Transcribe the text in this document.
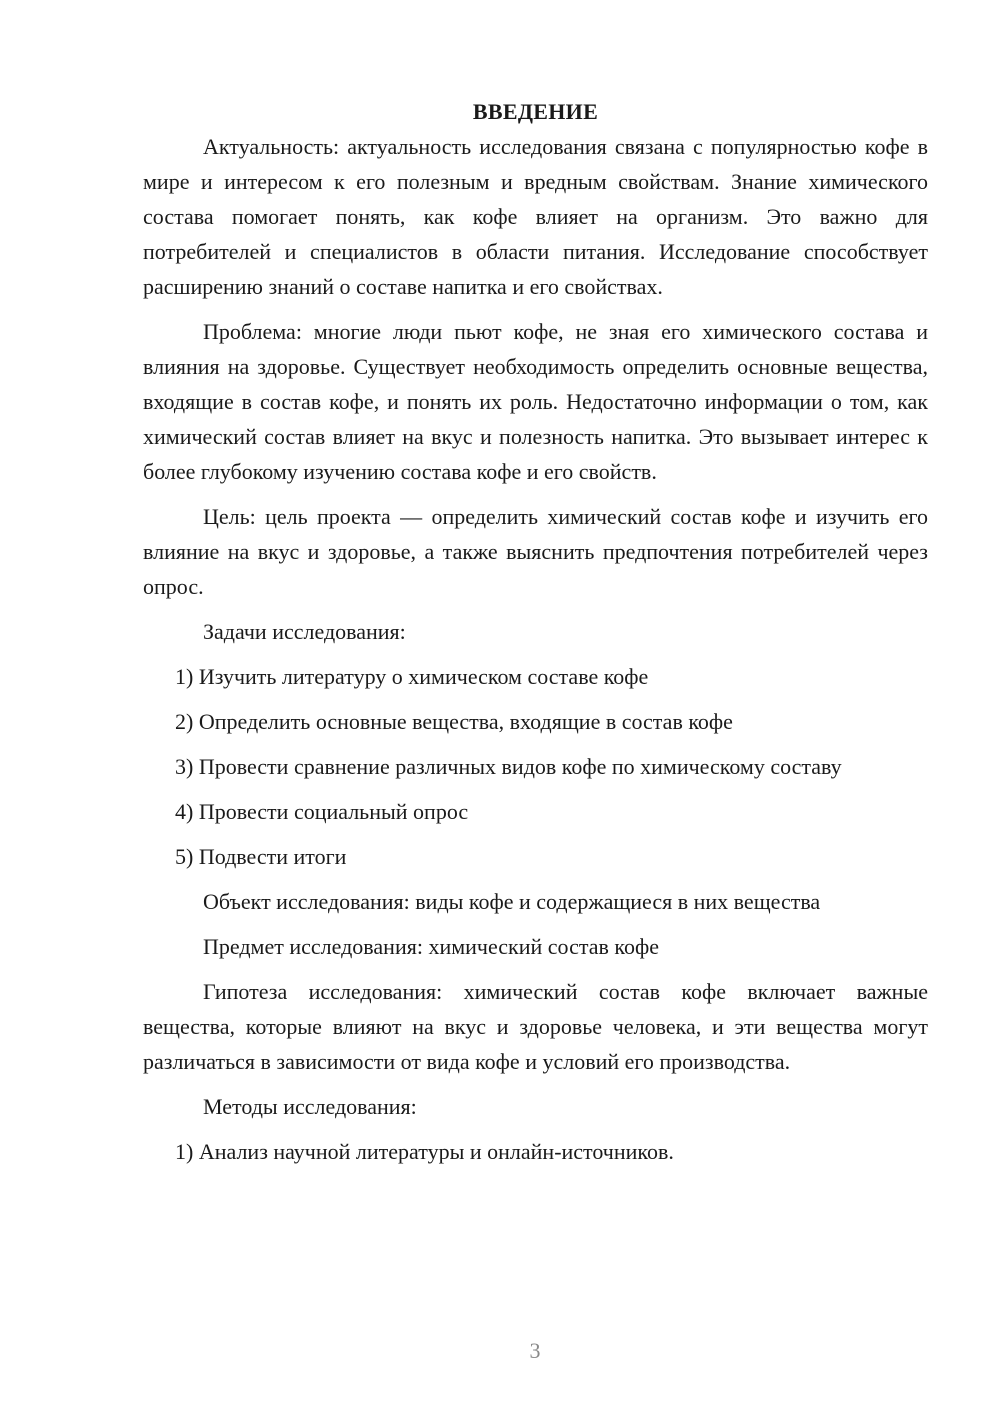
ВВЕДЕНИЕ

Актуальность: актуальность исследования связана с популярностью кофе в мире и интересом к его полезным и вредным свойствам. Знание химического состава помогает понять, как кофе влияет на организм. Это важно для потребителей и специалистов в области питания. Исследование способствует расширению знаний о составе напитка и его свойствах.

Проблема: многие люди пьют кофе, не зная его химического состава и влияния на здоровье. Существует необходимость определить основные вещества, входящие в состав кофе, и понять их роль. Недостаточно информации о том, как химический состав влияет на вкус и полезность напитка. Это вызывает интерес к более глубокому изучению состава кофе и его свойств.

Цель: цель проекта — определить химический состав кофе и изучить его влияние на вкус и здоровье, а также выяснить предпочтения потребителей через опрос.

Задачи исследования:

1) Изучить литературу о химическом составе кофе

2) Определить основные вещества, входящие в состав кофе

3) Провести сравнение различных видов кофе по химическому составу

4) Провести социальный опрос

5) Подвести итоги

Объект исследования: виды кофе и содержащиеся в них вещества

Предмет исследования: химический состав кофе

Гипотеза исследования: химический состав кофе включает важные вещества, которые влияют на вкус и здоровье человека, и эти вещества могут различаться в зависимости от вида кофе и условий его производства.

Методы исследования:

1) Анализ научной литературы и онлайн-источников.

3
